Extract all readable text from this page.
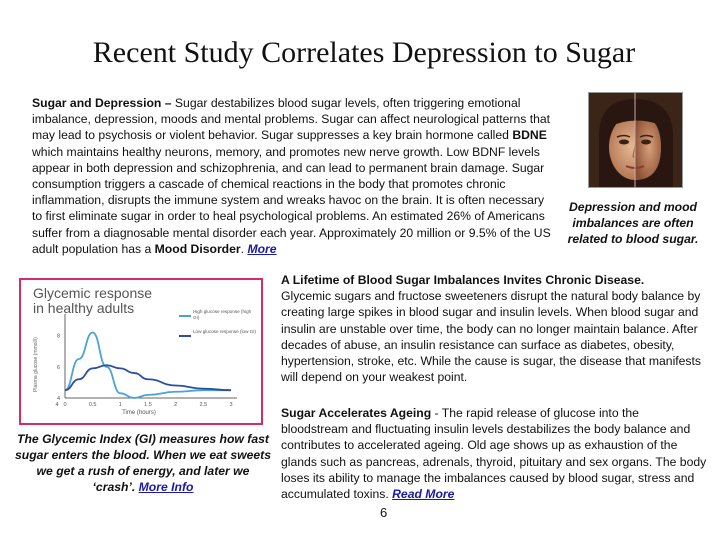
Recent Study Correlates Depression to Sugar

Sugar and Depression – Sugar destabilizes blood sugar levels, often triggering emotional imbalance, depression, moods and mental problems. Sugar can affect neurological patterns that may lead to psychosis or violent behavior. Sugar suppresses a key brain hormone called BDNE which maintains healthy neurons, memory, and promotes new nerve growth. Low BDNF levels appear in both depression and schizophrenia, and can lead to permanent brain damage. Sugar consumption triggers a cascade of chemical reactions in the body that promotes chronic inflammation, disrupts the immune system and wreaks havoc on the brain. It is often necessary to first eliminate sugar in order to heal psychological problems. An estimated 26% of Americans suffer from a diagnosable mental disorder each year. Approximately 20 million or 9.5% of the US adult population has a Mood Disorder. More

Depression and mood imbalances are often related to blood sugar.

A Lifetime of Blood Sugar Imbalances Invites Chronic Disease.
Glycemic sugars and fructose sweeteners disrupt the natural body balance by creating large spikes in blood sugar and insulin levels. When blood sugar and insulin are unstable over time, the body can no longer maintain balance. After decades of abuse, an insulin resistance can surface as diabetes, obesity, hypertension, stroke, etc. While the cause is sugar, the disease that manifests will depend on your weakest point.

Sugar Accelerates Ageing - The rapid release of glucose into the bloodstream and fluctuating insulin levels destabilizes the body balance and contributes to accelerated ageing. Old age shows up as exhaustion of the glands such as pancreas, adrenals, thyroid, pituitary and sex organs. The body loses its ability to manage the imbalances caused by blood sugar, stress and accumulated toxins. Read More

Glycemic response
in healthy adults
Plasma glucose (mmol/l)
Time (hours)
8
6
4
4 0	0.5	1	1.5	2	2.5	3
High glucose response (high GI)
Low glucose response (low GI)

The Glycemic Index (GI) measures how fast sugar enters the blood. When we eat sweets we get a rush of energy, and later we ‘crash’. More Info

6
